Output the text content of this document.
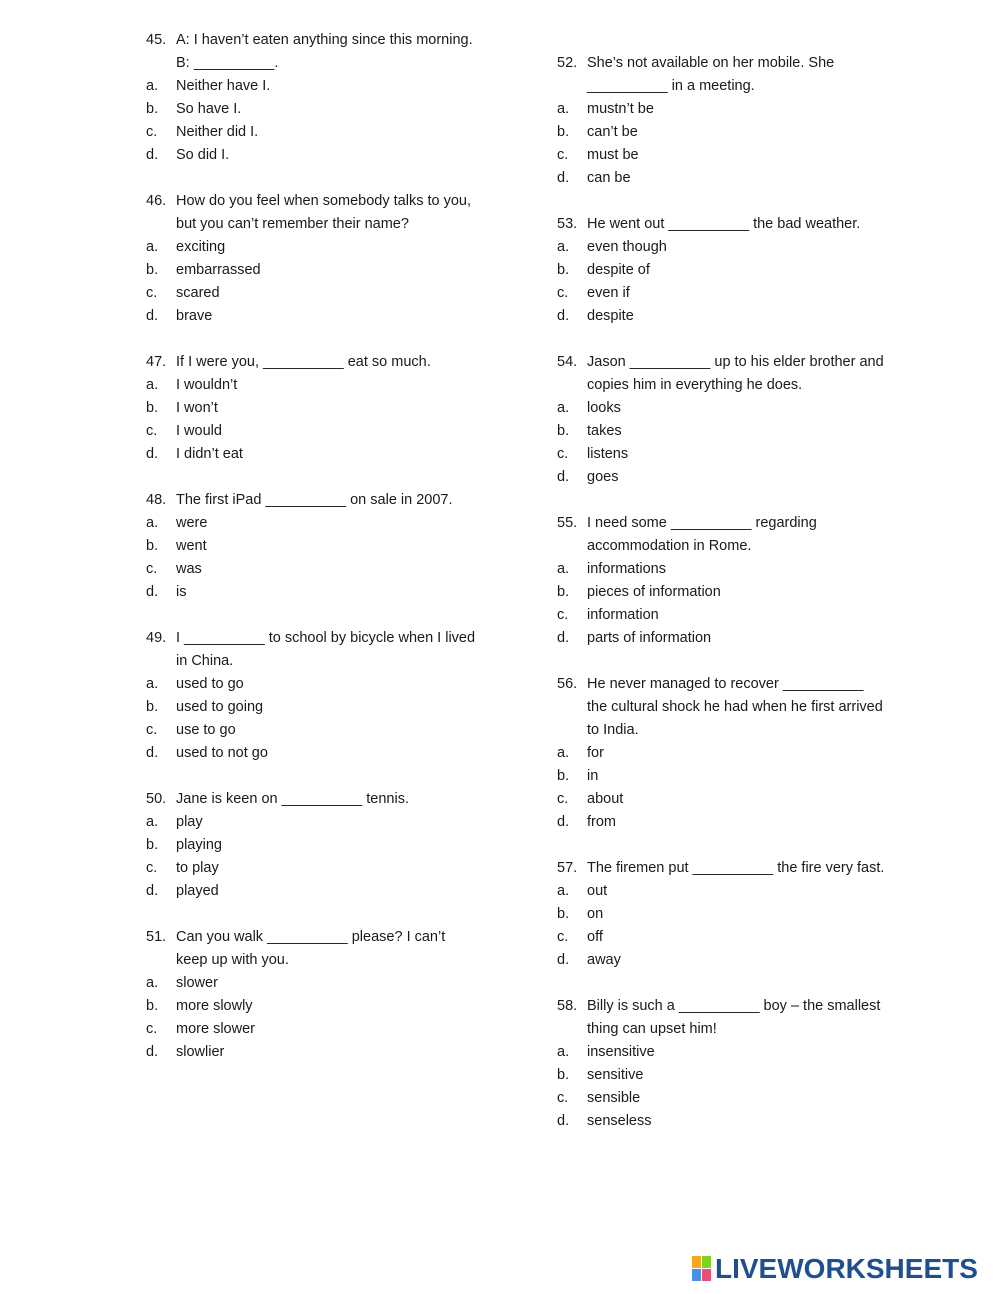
45. A: I haven’t eaten anything since this morning. B: __________.
a.	Neither have I.
b.	So have I.
c.	Neither did I.
d.	So did I.
46. How do you feel when somebody talks to you, but you can’t remember their name?
a.	exciting
b.	embarrassed
c.	scared
d.	brave
47. If I were you, __________ eat so much.
a.	I wouldn’t
b.	I won’t
c.	I would
d.	I didn’t eat
48. The first iPad __________ on sale in 2007.
a.	were
b.	went
c.	was
d.	is
49. I __________ to school by bicycle when I lived in China.
a.	used to go
b.	used to going
c.	use to go
d.	used to not go
50. Jane is keen on __________ tennis.
a.	play
b.	playing
c.	to play
d.	played
51. Can you walk __________ please? I can’t keep up with you.
a.	slower
b.	more slowly
c.	more slower
d.	slowlier
52. She’s not available on her mobile. She __________ in a meeting.
a.	mustn’t be
b.	can’t be
c.	must be
d.	can be
53. He went out __________ the bad weather.
a.	even though
b.	despite of
c.	even if
d.	despite
54. Jason __________ up to his elder brother and copies him in everything he does.
a.	looks
b.	takes
c.	listens
d.	goes
55. I need some __________ regarding accommodation in Rome.
a.	informations
b.	pieces of information
c.	information
d.	parts of information
56. He never managed to recover __________ the cultural shock he had when he first arrived to India.
a.	for
b.	in
c.	about
d.	from
57. The firemen put __________ the fire very fast.
a.	out
b.	on
c.	off
d.	away
58. Billy is such a __________ boy – the smallest thing can upset him!
a.	insensitive
b.	sensitive
c.	sensible
d.	senseless
LIVEWORKSHEETS
